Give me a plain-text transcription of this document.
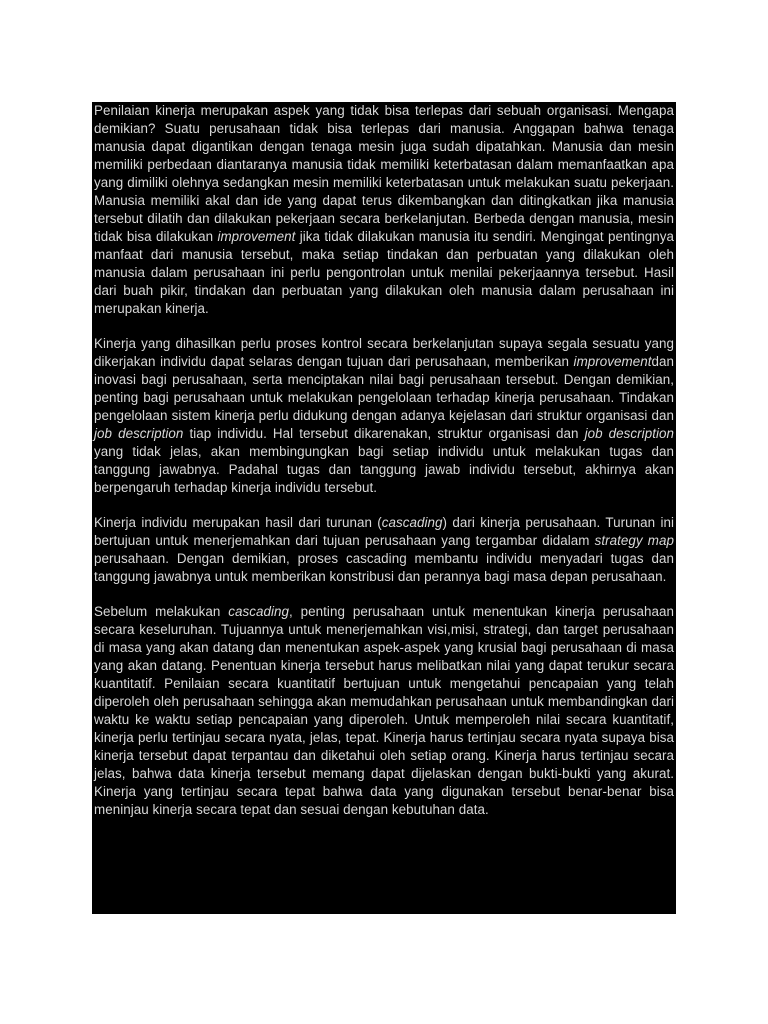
Penilaian kinerja merupakan aspek yang tidak bisa terlepas dari sebuah organisasi. Mengapa demikian? Suatu perusahaan tidak bisa terlepas dari manusia. Anggapan bahwa tenaga manusia dapat digantikan dengan tenaga mesin juga sudah dipatahkan. Manusia dan mesin memiliki perbedaan diantaranya manusia tidak memiliki keterbatasan dalam memanfaatkan apa yang dimiliki olehnya sedangkan mesin memiliki keterbatasan untuk melakukan suatu pekerjaan. Manusia memiliki akal dan ide yang dapat terus dikembangkan dan ditingkatkan jika manusia tersebut dilatih dan dilakukan pekerjaan secara berkelanjutan. Berbeda dengan manusia, mesin tidak bisa dilakukan improvement jika tidak dilakukan manusia itu sendiri. Mengingat pentingnya manfaat dari manusia tersebut, maka setiap tindakan dan perbuatan yang dilakukan oleh manusia dalam perusahaan ini perlu pengontrolan untuk menilai pekerjaannya tersebut. Hasil dari buah pikir, tindakan dan perbuatan yang dilakukan oleh manusia dalam perusahaan ini merupakan kinerja.

Kinerja yang dihasilkan perlu proses kontrol secara berkelanjutan supaya segala sesuatu yang dikerjakan individu dapat selaras dengan tujuan dari perusahaan, memberikan improvementdan inovasi bagi perusahaan, serta menciptakan nilai bagi perusahaan tersebut. Dengan demikian, penting bagi perusahaan untuk melakukan pengelolaan terhadap kinerja perusahaan. Tindakan pengelolaan sistem kinerja perlu didukung dengan adanya kejelasan dari struktur organisasi dan job description tiap individu. Hal tersebut dikarenakan, struktur organisasi dan job description yang tidak jelas, akan membingungkan bagi setiap individu untuk melakukan tugas dan tanggung jawabnya. Padahal tugas dan tanggung jawab individu tersebut, akhirnya akan berpengaruh terhadap kinerja individu tersebut.

Kinerja individu merupakan hasil dari turunan (cascading) dari kinerja perusahaan. Turunan ini bertujuan untuk menerjemahkan dari tujuan perusahaan yang tergambar didalam strategy map perusahaan. Dengan demikian, proses cascading membantu individu menyadari tugas dan tanggung jawabnya untuk memberikan konstribusi dan perannya bagi masa depan perusahaan.

Sebelum melakukan cascading, penting perusahaan untuk menentukan kinerja perusahaan secara keseluruhan. Tujuannya untuk menerjemahkan visi,misi, strategi, dan target perusahaan di masa yang akan datang dan menentukan aspek-aspek yang krusial bagi perusahaan di masa yang akan datang. Penentuan kinerja tersebut harus melibatkan nilai yang dapat terukur secara kuantitatif. Penilaian secara kuantitatif bertujuan untuk mengetahui pencapaian yang telah diperoleh oleh perusahaan sehingga akan memudahkan perusahaan untuk membandingkan dari waktu ke waktu setiap pencapaian yang diperoleh. Untuk memperoleh nilai secara kuantitatif, kinerja perlu tertinjau secara nyata, jelas, tepat. Kinerja harus tertinjau secara nyata supaya bisa kinerja tersebut dapat terpantau dan diketahui oleh setiap orang. Kinerja harus tertinjau secara jelas, bahwa data kinerja tersebut memang dapat dijelaskan dengan bukti-bukti yang akurat. Kinerja yang tertinjau secara tepat bahwa data yang digunakan tersebut benar-benar bisa meninjau kinerja secara tepat dan sesuai dengan kebutuhan data.
